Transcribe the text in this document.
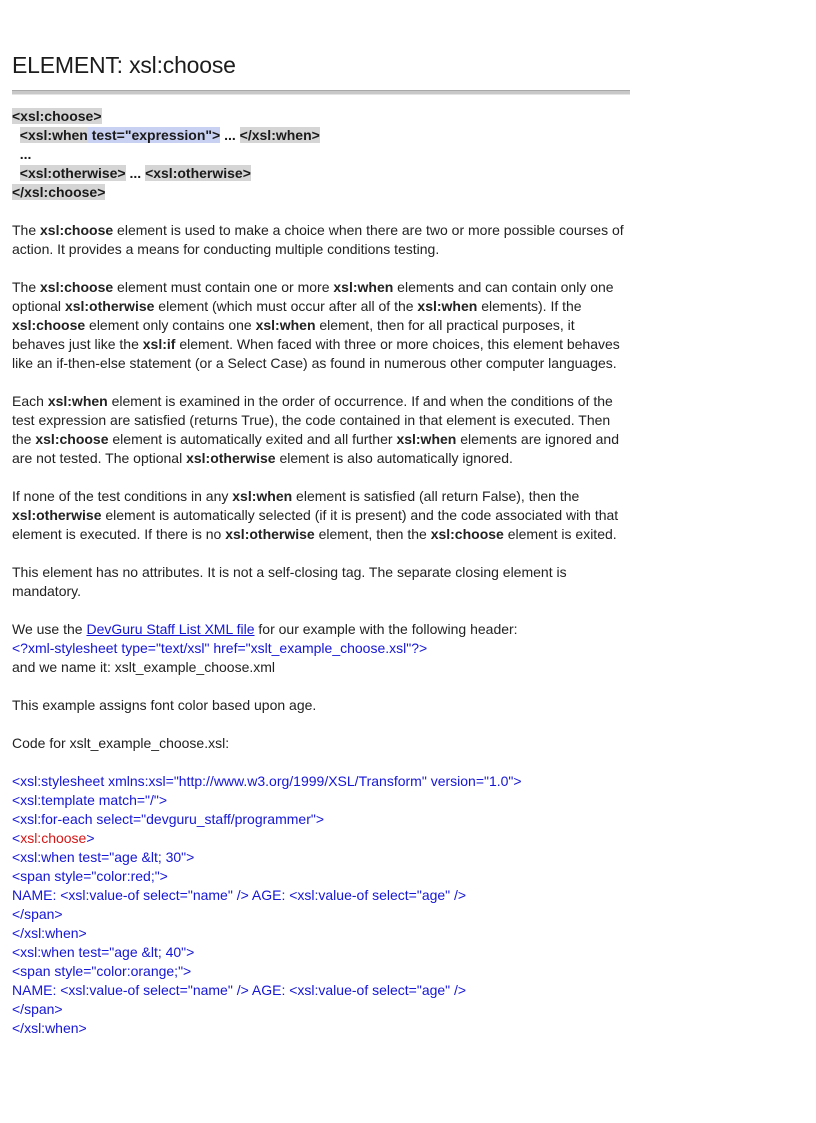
ELEMENT: xsl:choose
<xsl:choose>
<xsl:when test="expression"> ... </xsl:when>
...
<xsl:otherwise> ... <xsl:otherwise>
</xsl:choose>

The xsl:choose element is used to make a choice when there are two or more possible courses of action. It provides a means for conducting multiple conditions testing.

The xsl:choose element must contain one or more xsl:when elements and can contain only one optional xsl:otherwise element (which must occur after all of the xsl:when elements). If the xsl:choose element only contains one xsl:when element, then for all practical purposes, it behaves just like the xsl:if element. When faced with three or more choices, this element behaves like an if-then-else statement (or a Select Case) as found in numerous other computer languages.

Each xsl:when element is examined in the order of occurrence. If and when the conditions of the test expression are satisfied (returns True), the code contained in that element is executed. Then the xsl:choose element is automatically exited and all further xsl:when elements are ignored and are not tested. The optional xsl:otherwise element is also automatically ignored.

If none of the test conditions in any xsl:when element is satisfied (all return False), then the xsl:otherwise element is automatically selected (if it is present) and the code associated with that element is executed. If there is no xsl:otherwise element, then the xsl:choose element is exited.

This element has no attributes. It is not a self-closing tag. The separate closing element is mandatory.

We use the DevGuru Staff List XML file for our example with the following header:
<?xml-stylesheet type="text/xsl" href="xslt_example_choose.xsl"?>
and we name it: xslt_example_choose.xml

This example assigns font color based upon age.

Code for xslt_example_choose.xsl:

<xsl:stylesheet xmlns:xsl="http://www.w3.org/1999/XSL/Transform" version="1.0">
<xsl:template match="/">
<xsl:for-each select="devguru_staff/programmer">
<xsl:choose>
<xsl:when test="age &lt; 30">
<span style="color:red;">
NAME: <xsl:value-of select="name" /> AGE: <xsl:value-of select="age" />
</span>
</xsl:when>
<xsl:when test="age &lt; 40">
<span style="color:orange;">
NAME: <xsl:value-of select="name" /> AGE: <xsl:value-of select="age" />
</span>
</xsl:when>
